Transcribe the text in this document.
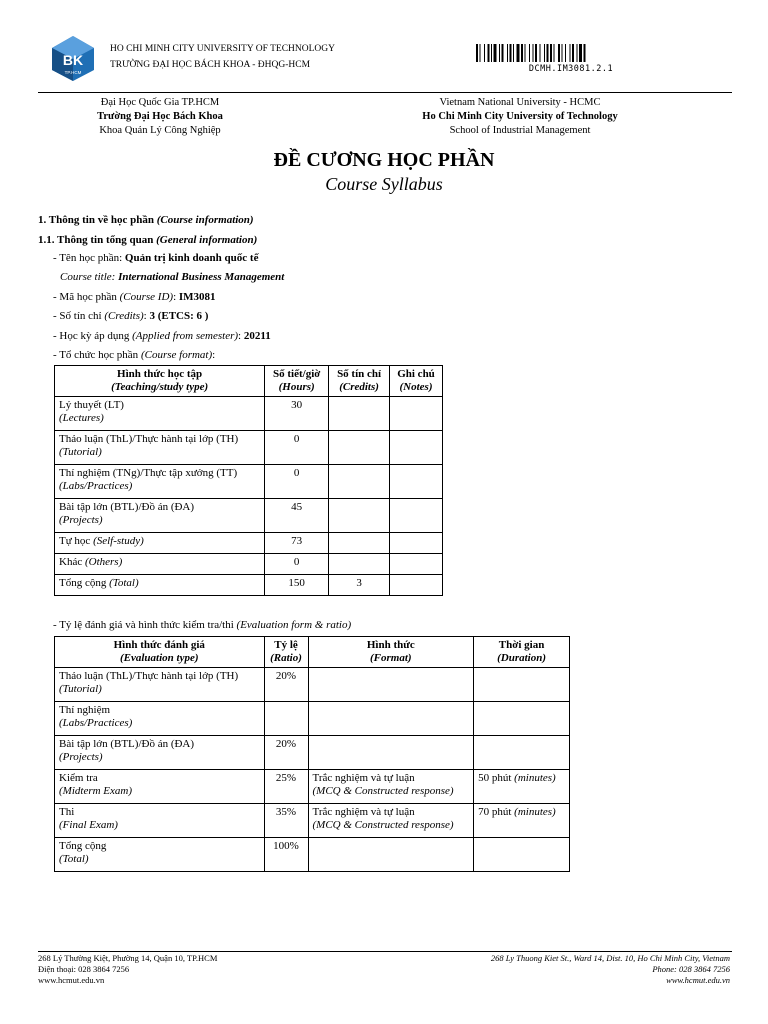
BK
TP.HCM
HO CHI MINH CITY UNIVERSITY OF TECHNOLOGY
TRƯỜNG ĐẠI HỌC BÁCH KHOA - ĐHQG-HCM	DCMH.IM3081.2.1
Đại Học Quốc Gia TP.HCM
Trường Đại Học Bách Khoa
Khoa Quản Lý Công Nghiệp
Vietnam National University - HCMC
Ho Chi Minh City University of Technology
School of Industrial Management
ĐỀ CƯƠNG HỌC PHẦN
Course Syllabus
1. Thông tin về học phần (Course information)
1.1. Thông tin tổng quan (General information)
- Tên học phần: Quản trị kinh doanh quốc tế
Course title: International Business Management
- Mã học phần (Course ID): IM3081
- Số tín chỉ (Credits): 3 (ETCS: 6 )
- Học kỳ áp dụng (Applied from semester): 20211
- Tổ chức học phần (Course format):
Hình thức học tập
(Teaching/study type)	Số tiết/giờ
(Hours)	Số tín chỉ
(Credits)	Ghi chú
(Notes)

Lý thuyết (LT)
(Lectures)	30		
Thảo luận (ThL)/Thực hành tại lớp (TH)
(Tutorial)	0		
Thí nghiệm (TNg)/Thực tập xưởng (TT)
(Labs/Practices)	0		
Bài tập lớn (BTL)/Đồ án (ĐA)
(Projects)	45		
Tự học (Self-study)	73		
Khác (Others)	0		
Tổng cộng (Total)	150	3	
- Tỷ lệ đánh giá và hình thức kiểm tra/thi (Evaluation form & ratio)
Hình thức đánh giá
(Evaluation type)	Tỷ lệ
(Ratio)	Hình thức
(Format)	Thời gian
(Duration)

Thảo luận (ThL)/Thực hành tại lớp (TH)
(Tutorial)	20%	

Thí nghiệm
(Labs/Practices)			

Bài tập lớn (BTL)/Đồ án (ĐA)
(Projects)	20%	

Kiểm tra
(Midterm Exam)	25%	Trắc nghiệm và tự luận
(MCQ & Constructed response)	50 phút (minutes)
Thi
(Final Exam)	35%	Trắc nghiệm và tự luận
(MCQ & Constructed response)	70 phút (minutes)
Tổng cộng
(Total)	100%	

268 Lý Thường Kiệt, Phường 14, Quận 10, TP.HCM
Điện thoại: 028 3864 7256
www.hcmut.edu.vn
268 Ly Thuong Kiet St., Ward 14, Dist. 10, Ho Chi Minh City, Vietnam
Phone: 028 3864 7256
www.hcmut.edu.vn
